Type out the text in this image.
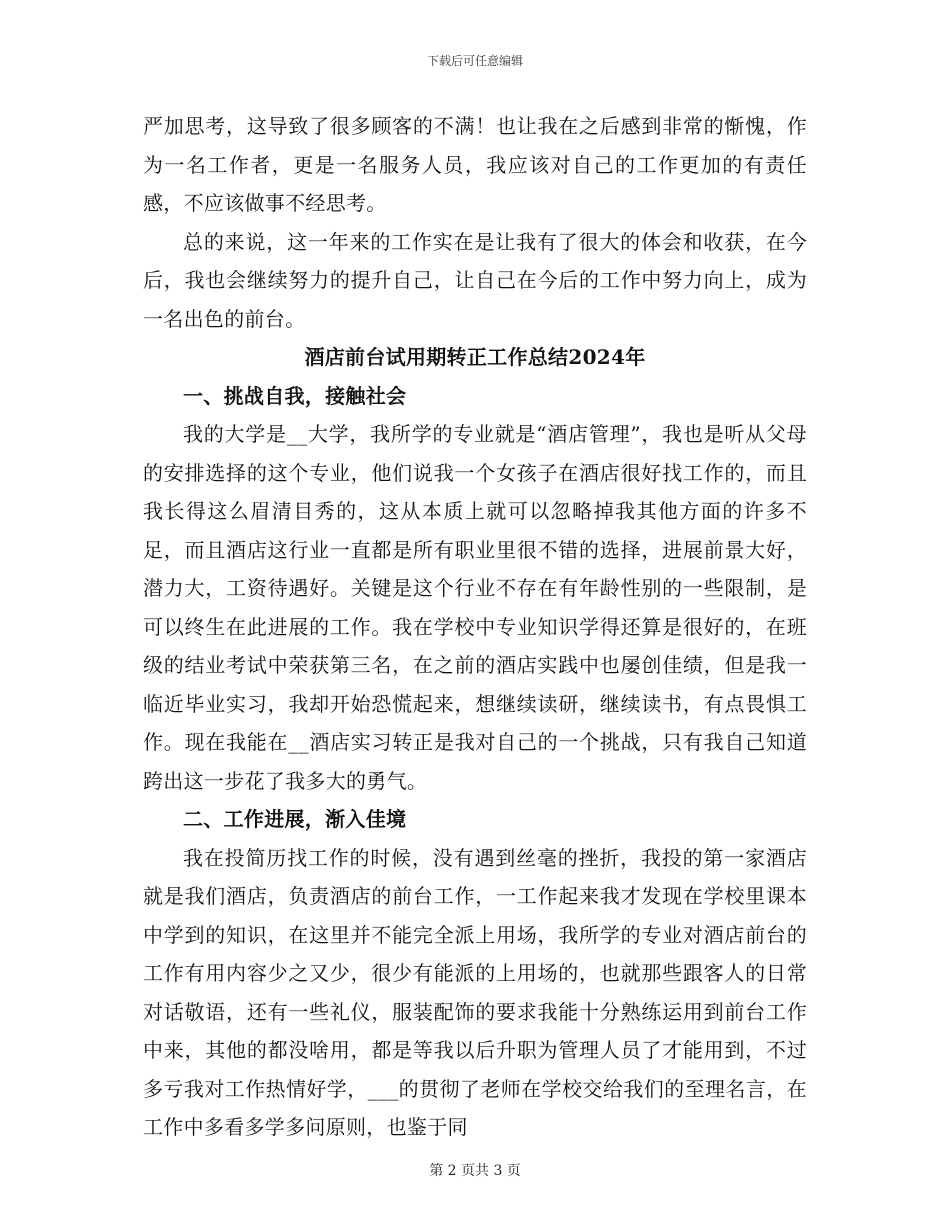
下载后可任意编辑

严加思考，这导致了很多顾客的不满！也让我在之后感到非常的惭愧，作为一名工作者，更是一名服务人员，我应该对自己的工作更加的有责任感，不应该做事不经思考。

总的来说，这一年来的工作实在是让我有了很大的体会和收获，在今后，我也会继续努力的提升自己，让自己在今后的工作中努力向上，成为一名出色的前台。

酒店前台试用期转正工作总结2024年
一、挑战自我，接触社会

我的大学是__大学，我所学的专业就是“酒店管理”，我也是听从父母的安排选择的这个专业，他们说我一个女孩子在酒店很好找工作的，而且我长得这么眉清目秀的，这从本质上就可以忽略掉我其他方面的许多不足，而且酒店这行业一直都是所有职业里很不错的选择，进展前景大好，潜力大，工资待遇好。关键是这个行业不存在有年龄性别的一些限制，是可以终生在此进展的工作。我在学校中专业知识学得还算是很好的，在班级的结业考试中荣获第三名，在之前的酒店实践中也屡创佳绩，但是我一临近毕业实习，我却开始恐慌起来，想继续读研，继续读书，有点畏惧工作。现在我能在__酒店实习转正是我对自己的一个挑战，只有我自己知道跨出这一步花了我多大的勇气。

二、工作进展，渐入佳境

我在投简历找工作的时候，没有遇到丝毫的挫折，我投的第一家酒店就是我们酒店，负责酒店的前台工作，一工作起来我才发现在学校里课本中学到的知识，在这里并不能完全派上用场，我所学的专业对酒店前台的工作有用内容少之又少，很少有能派的上用场的，也就那些跟客人的日常对话敬语，还有一些礼仪，服装配饰的要求我能十分熟练运用到前台工作中来，其他的都没啥用，都是等我以后升职为管理人员了才能用到，不过多亏我对工作热情好学，___的贯彻了老师在学校交给我们的至理名言，在工作中多看多学多问原则，也鉴于同

第 2 页共 3 页
